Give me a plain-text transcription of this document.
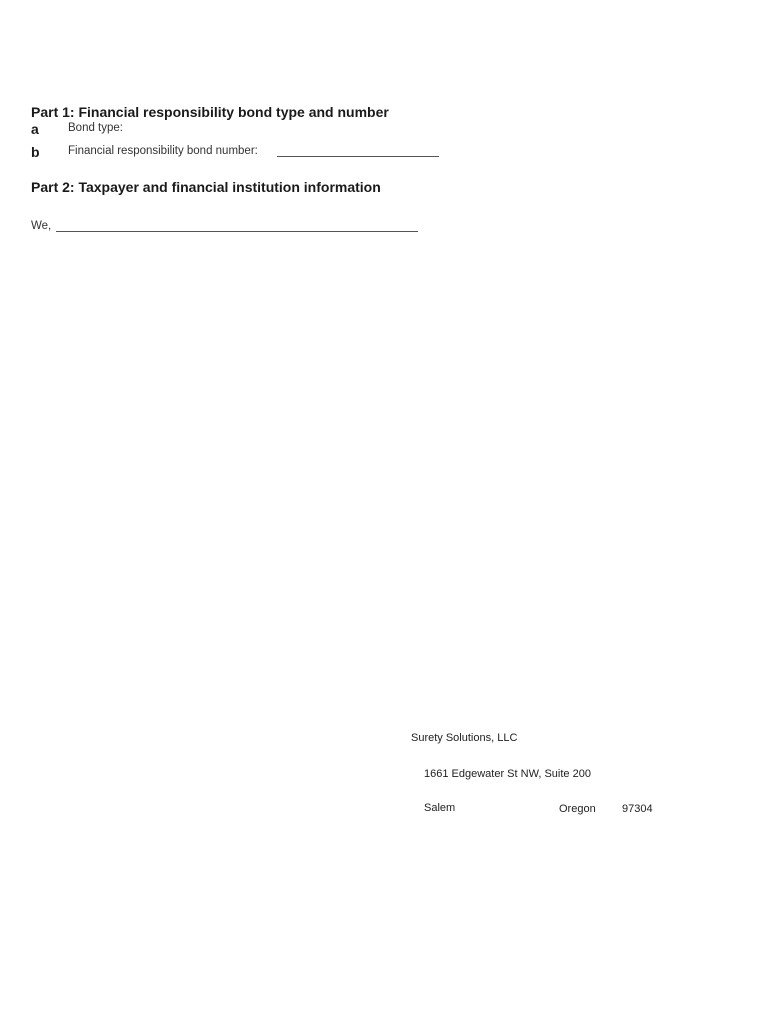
Part 1: Financial responsibility bond type and number
a	Bond type:
b Financial responsibility bond number:
Part 2: Taxpayer and financial institution information
We,
Surety Solutions, LLC
1661 Edgewater St NW, Suite 200
Salem	Oregon 97304
